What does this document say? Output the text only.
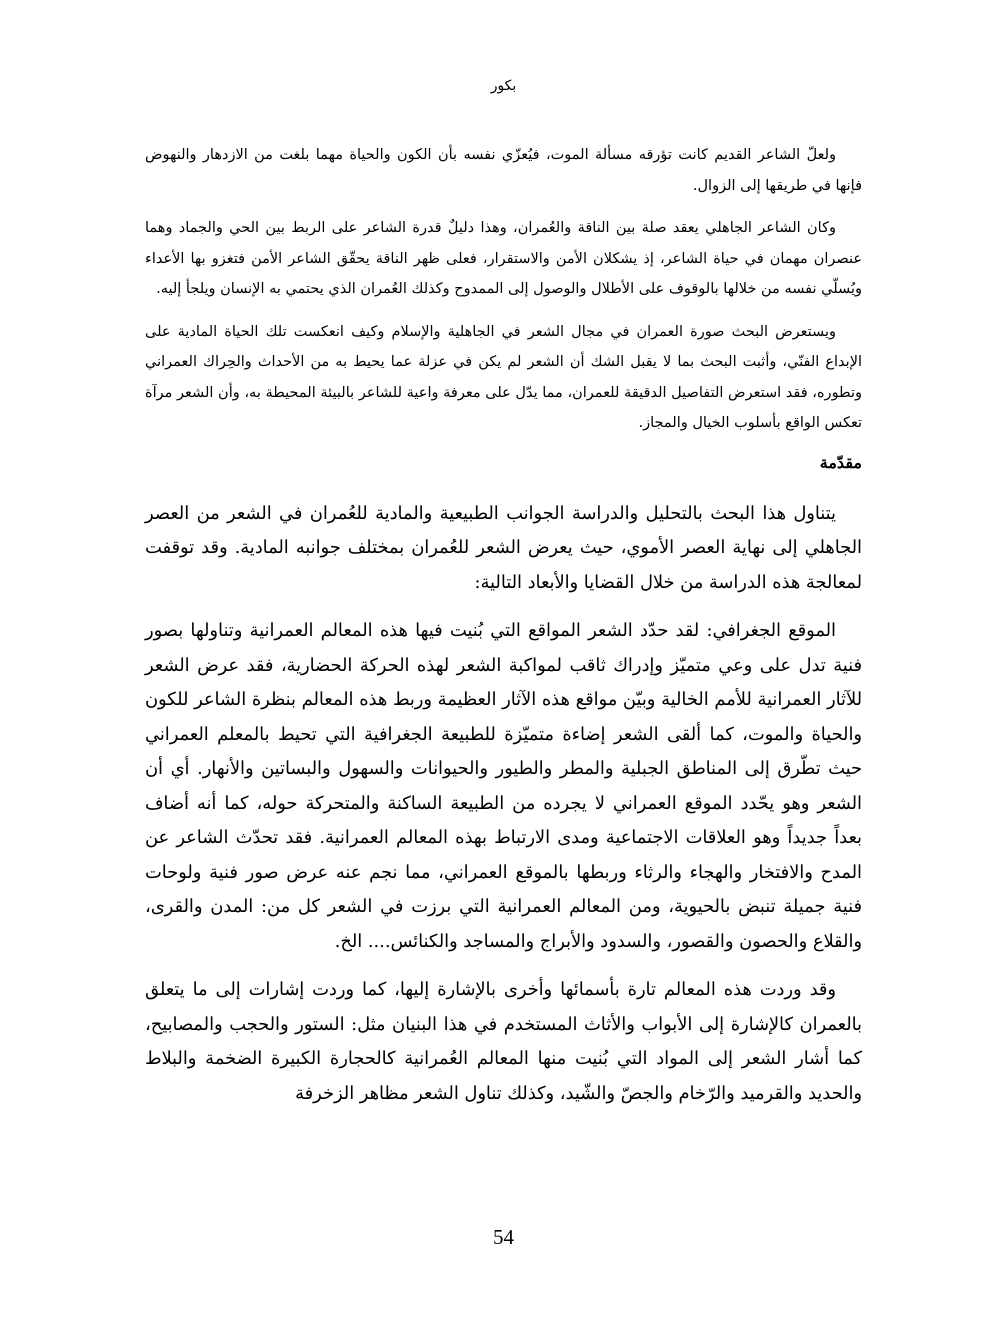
بكور

ولعلّ الشاعر القديم كانت تؤرقه مسألة الموت، فيُعزّي نفسه بأن الكون والحياة مهما بلغت من الازدهار والنهوض فإنها في طريقها إلى الزوال.

وكان الشاعر الجاهلي يعقد صلة بين الناقة والعُمران، وهذا دليلٌ قدرة الشاعر على الربط بين الحي والجماد وهما عنصران مهمان في حياة الشاعر، إذ يشكلان الأمن والاستقرار، فعلى ظهر الناقة يحقّق الشاعر الأمن فتغزو بها الأعداء ويُسلّي نفسه من خلالها بالوقوف على الأطلال والوصول إلى الممدوح وكذلك العُمران الذي يحتمي به الإنسان ويلجأ إليه.

ويستعرض البحث صورة العمران في مجال الشعر في الجاهلية والإسلام وكيف انعكست تلك الحياة المادية على الإبداع الفنّي، وأثبت البحث بما لا يقبل الشك أن الشعر لم يكن في عزلة عما يحيط به من الأحداث والحِراك العمراني وتطوره، فقد استعرض التفاصيل الدقيقة للعمران، مما يدّل على معرفة واعية للشاعر بالبيئة المحيطة به، وأن الشعر مرآة تعكس الواقع بأسلوب الخيال والمجاز.

مقدّمة

يتناول هذا البحث بالتحليل والدراسة الجوانب الطبيعية والمادية للعُمران في الشعر من العصر الجاهلي إلى نهاية العصر الأموي، حيث يعرض الشعر للعُمران بمختلف جوانبه المادية. وقد توقفت لمعالجة هذه الدراسة من خلال القضايا والأبعاد التالية:

الموقع الجغرافي: لقد حدّد الشعر المواقع التي بُنيت فيها هذه المعالم العمرانية وتناولها بصور فنية تدل على وعي متميّز وإدراك ثاقب لمواكبة الشعر لهذه الحركة الحضارية، فقد عرض الشعر للآثار العمرانية للأمم الخالية وبيّن مواقع هذه الآثار العظيمة وربط هذه المعالم بنظرة الشاعر للكون والحياة والموت، كما ألقى الشعر إضاءة متميّزة للطبيعة الجغرافية التي تحيط بالمعلم العمراني حيث تطّرق إلى المناطق الجبلية والمطر والطيور والحيوانات والسهول والبساتين والأنهار. أي أن الشعر وهو يحّدد الموقع العمراني لا يجرده من الطبيعة الساكنة والمتحركة حوله، كما أنه أضاف بعداً جديداً وهو العلاقات الاجتماعية ومدى الارتباط بهذه المعالم العمرانية. فقد تحدّث الشاعر عن المدح والافتخار والهجاء والرثاء وربطها بالموقع العمراني، مما نجم عنه عرض صور فنية ولوحات فنية جميلة تنبض بالحيوية، ومن المعالم العمرانية التي برزت في الشعر كل من: المدن والقرى، والقلاع والحصون والقصور، والسدود والأبراج والمساجد والكنائس.... الخ.

وقد وردت هذه المعالم تارة بأسمائها وأخرى بالإشارة إليها، كما وردت إشارات إلى ما يتعلق بالعمران كالإشارة إلى الأبواب والأثاث المستخدم في هذا البنيان مثل: الستور والحجب والمصابيح، كما أشار الشعر إلى المواد التي بُنيت منها المعالم العُمرانية كالحجارة الكبيرة الضخمة والبلاط والحديد والقرميد والرّخام والجصّ والشّيد، وكذلك تناول الشعر مظاهر الزخرفة

54
